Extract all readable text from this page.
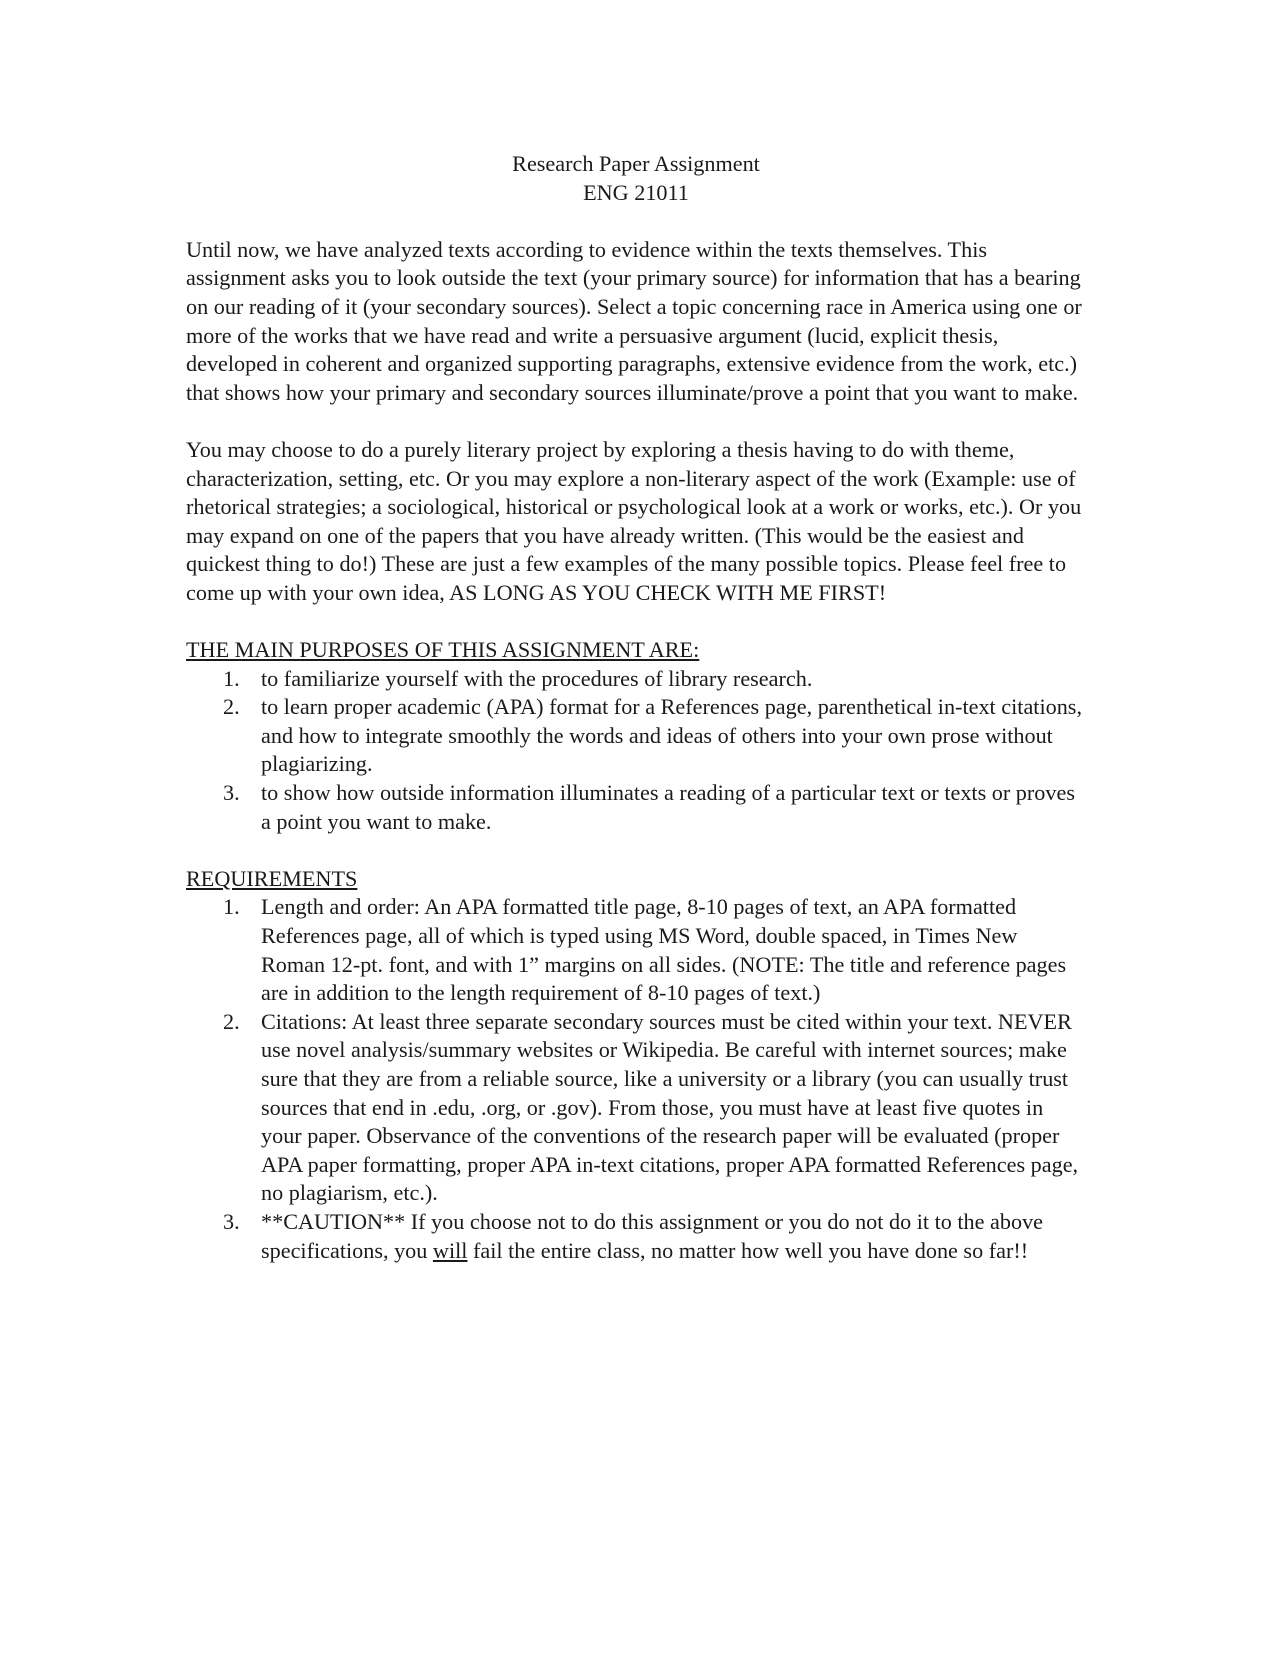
Research Paper Assignment
ENG 21011

Until now, we have analyzed texts according to evidence within the texts themselves. This assignment asks you to look outside the text (your primary source) for information that has a bearing on our reading of it (your secondary sources). Select a topic concerning race in America using one or more of the works that we have read and write a persuasive argument (lucid, explicit thesis, developed in coherent and organized supporting paragraphs, extensive evidence from the work, etc.) that shows how your primary and secondary sources illuminate/prove a point that you want to make.

You may choose to do a purely literary project by exploring a thesis having to do with theme, characterization, setting, etc. Or you may explore a non-literary aspect of the work (Example: use of rhetorical strategies; a sociological, historical or psychological look at a work or works, etc.). Or you may expand on one of the papers that you have already written. (This would be the easiest and quickest thing to do!) These are just a few examples of the many possible topics. Please feel free to come up with your own idea, AS LONG AS YOU CHECK WITH ME FIRST!

THE MAIN PURPOSES OF THIS ASSIGNMENT ARE:

1. to familiarize yourself with the procedures of library research.
2. to learn proper academic (APA) format for a References page, parenthetical in-text citations, and how to integrate smoothly the words and ideas of others into your own prose without plagiarizing.
3. to show how outside information illuminates a reading of a particular text or texts or proves a point you want to make.

REQUIREMENTS

1. Length and order: An APA formatted title page, 8-10 pages of text, an APA formatted References page, all of which is typed using MS Word, double spaced, in Times New Roman 12-pt. font, and with 1” margins on all sides. (NOTE: The title and reference pages are in addition to the length requirement of 8-10 pages of text.)
2. Citations: At least three separate secondary sources must be cited within your text. NEVER use novel analysis/summary websites or Wikipedia. Be careful with internet sources; make sure that they are from a reliable source, like a university or a library (you can usually trust sources that end in .edu, .org, or .gov). From those, you must have at least five quotes in your paper. Observance of the conventions of the research paper will be evaluated (proper APA paper formatting, proper APA in-text citations, proper APA formatted References page, no plagiarism, etc.).
3. **CAUTION** If you choose not to do this assignment or you do not do it to the above specifications, you will fail the entire class, no matter how well you have done so far!!
